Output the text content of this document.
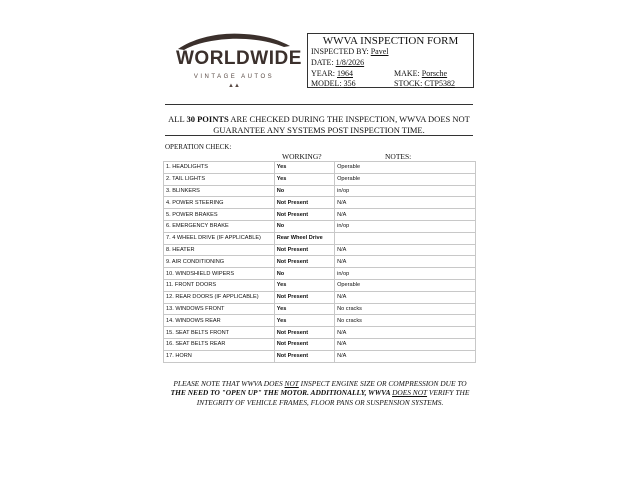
WORLDWIDE
VINTAGE AUTOS
▲▲
WWVA INSPECTION FORM
INSPECTED BY: Pavel
DATE: 1/8/2026
YEAR: 1964	MAKE: Porsche
MODEL: 356	STOCK: CTP5382
ALL 30 POINTS ARE CHECKED DURING THE INSPECTION, WWVA DOES NOT GUARANTEE ANY SYSTEMS POST INSPECTION TIME.
OPERATION CHECK:
WORKING?	NOTES:
1. HEADLIGHTS	Yes	Operable
2. TAIL LIGHTS	Yes	Operable
3. BLINKERS	No	in/op
4. POWER STEERING	Not Present	N/A
5. POWER BRAKES	Not Present	N/A
6. EMERGENCY BRAKE	No	in/op
7. 4 WHEEL DRIVE (IF APPLICABLE)	Rear Wheel Drive	
8. HEATER	Not Present	N/A
9. AIR CONDITIONING	Not Present	N/A
10. WINDSHIELD WIPERS	No	in/op
11. FRONT DOORS	Yes	Operable
12. REAR DOORS (IF APPLICABLE)	Not Present	N/A
13. WINDOWS FRONT	Yes	No cracks
14. WINDOWS REAR	Yes	No cracks
15. SEAT BELTS FRONT	Not Present	N/A
16. SEAT BELTS REAR	Not Present	N/A
17. HORN	Not Present	N/A
PLEASE NOTE THAT WWVA DOES NOT INSPECT ENGINE SIZE OR COMPRESSION DUE TO THE NEED TO "OPEN UP" THE MOTOR. ADDITIONALLY, WWVA DOES NOT VERIFY THE INTEGRITY OF VEHICLE FRAMES, FLOOR PANS OR SUSPENSION SYSTEMS.
